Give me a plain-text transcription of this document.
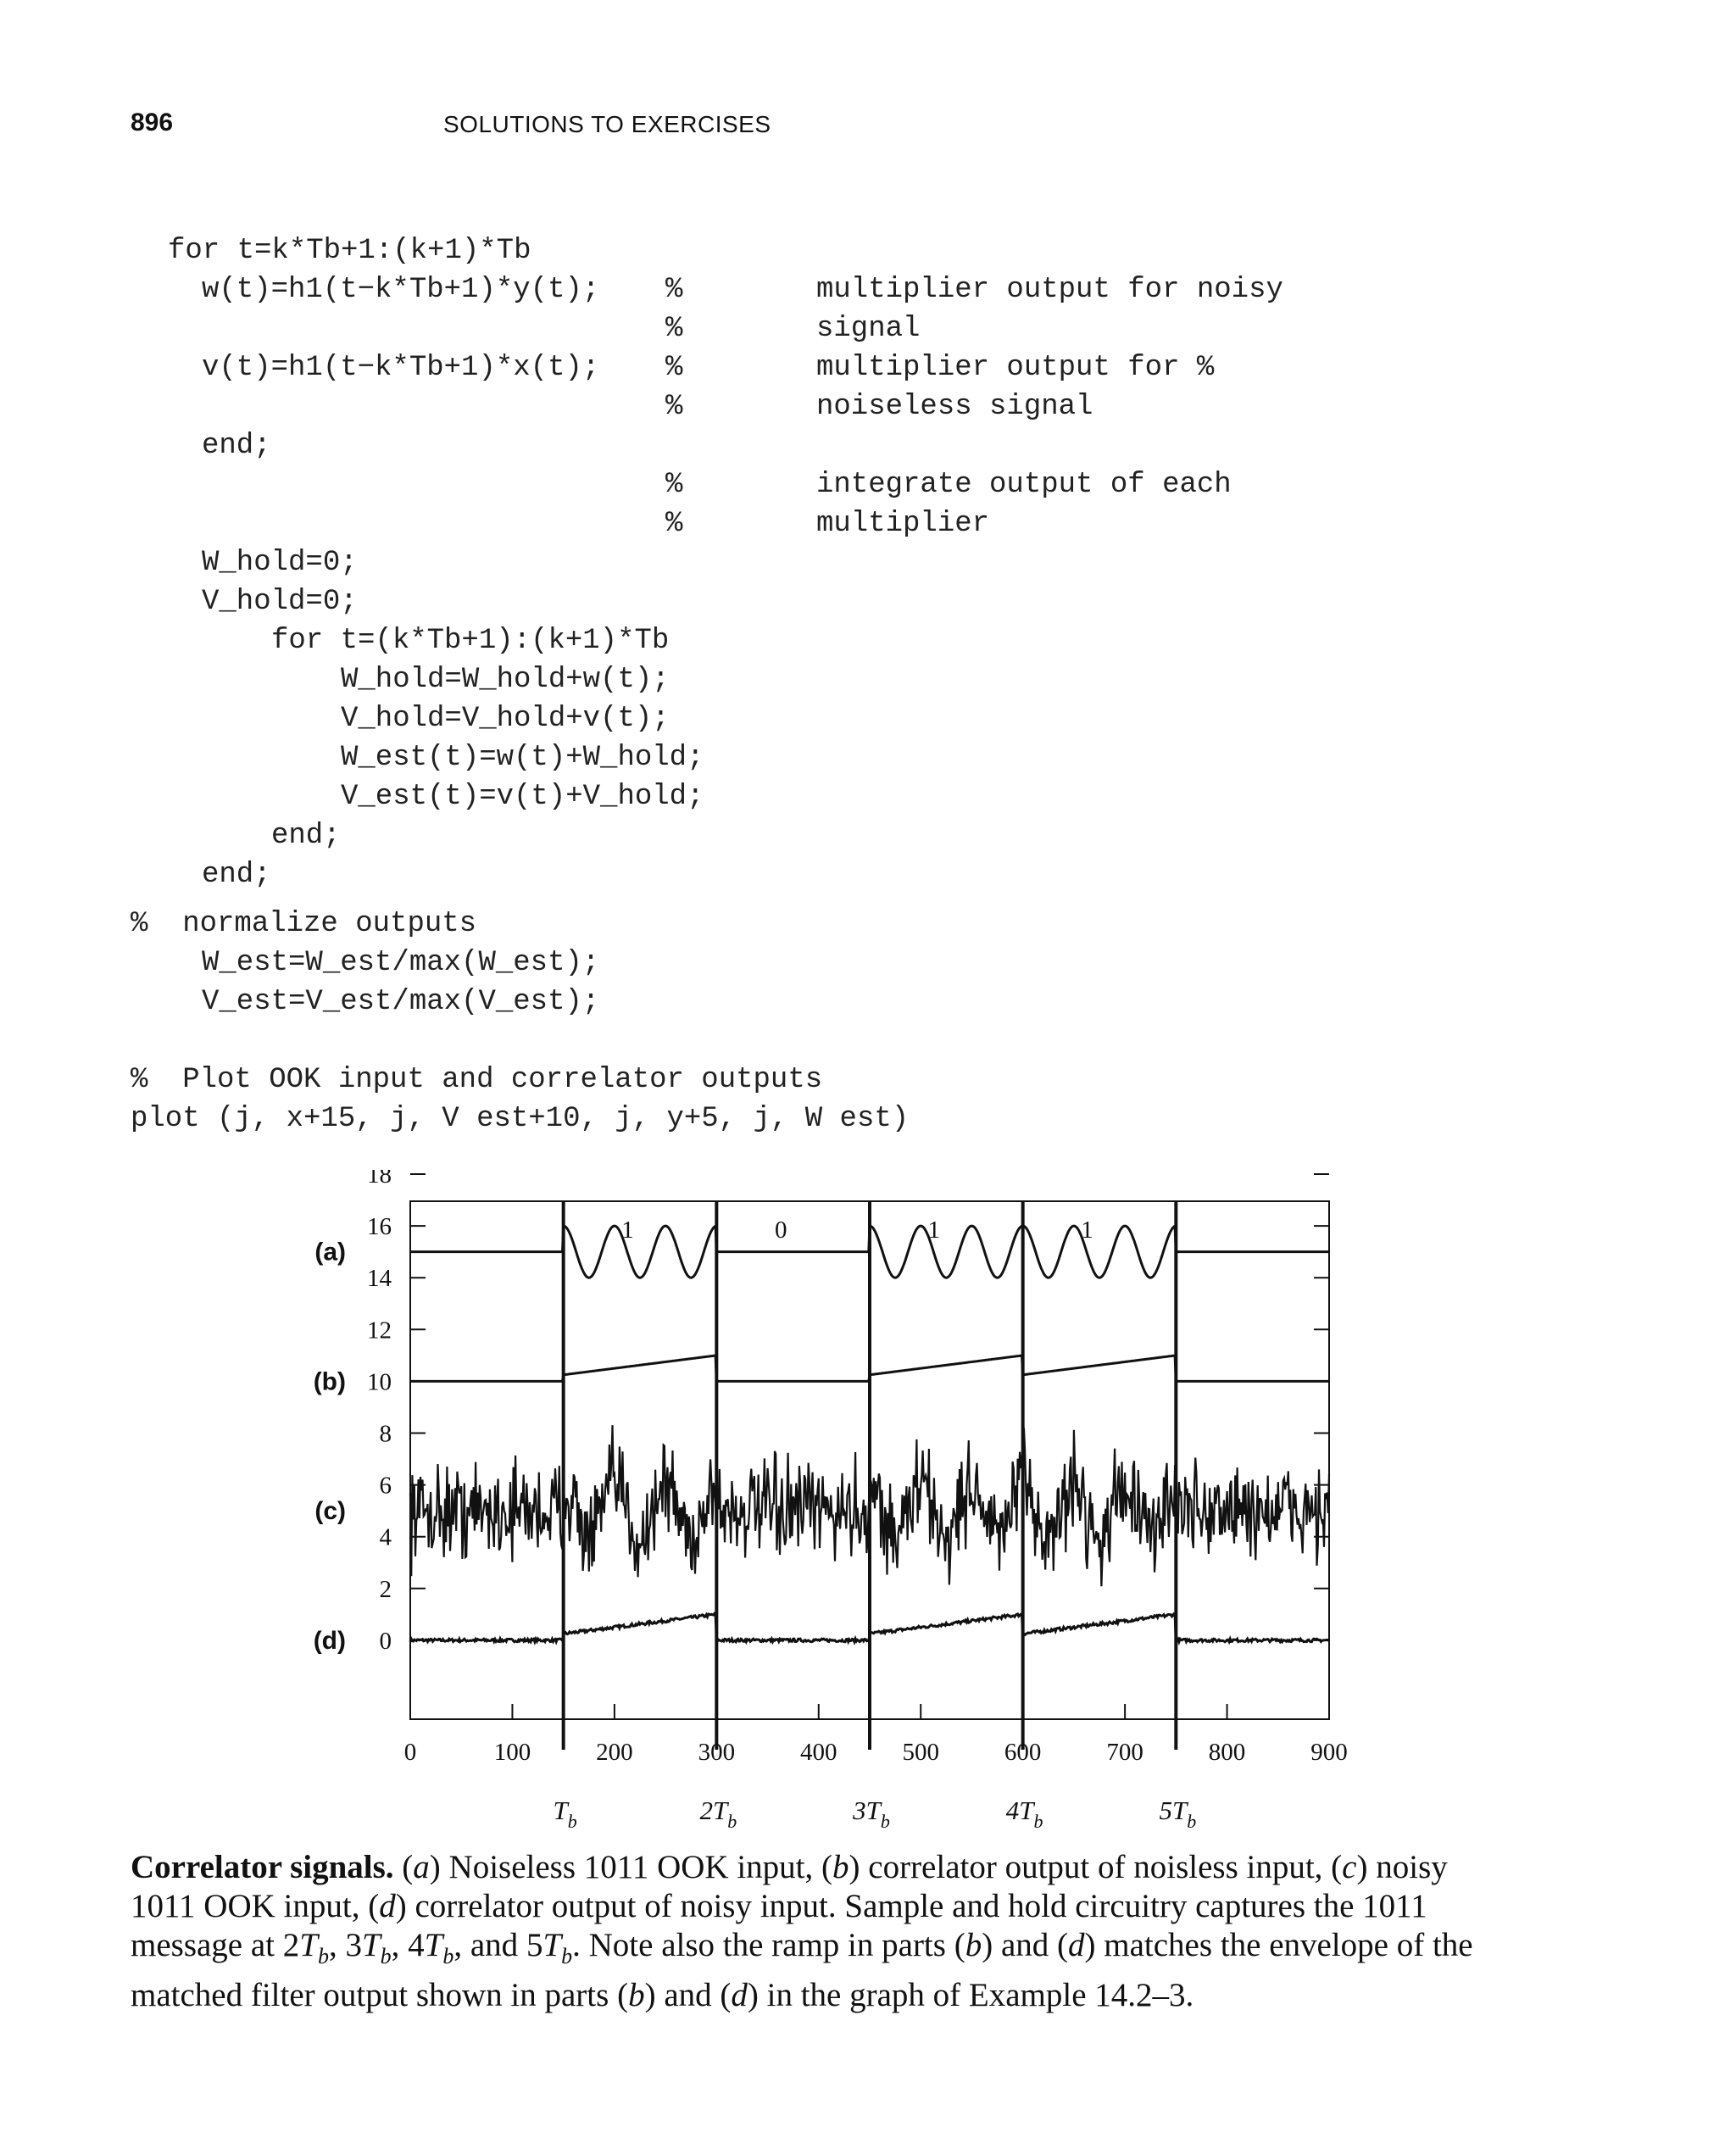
896	SOLUTIONS TO EXERCISES
for t=k*Tb+1:(k+1)*Tb
w(t)=h1(t−k*Tb+1)*y(t); %	multiplier output for noisy
%	signal
v(t)=h1(t−k*Tb+1)*x(t); %	multiplier output for %
%	noiseless signal
end;
%	integrate output of each
%	multiplier
W_hold=0;
V_hold=0;
for t=(k*Tb+1):(k+1)*Tb
W_hold=W_hold+w(t);
V_hold=V_hold+v(t);
W_est(t)=w(t)+W_hold;
V_est(t)=v(t)+V_hold;
end;
end;
%  normalize outputs
W_est=W_est/max(W_est);
V_est=V_est/max(V_est);
%  Plot OOK input and correlator outputs
plot (j, x+15, j, V est+10, j, y+5, j, W est)
0
2
4
6
8
10
12
14
16
18
0	100	200	300	400	500	600	700	800	900
$T_b$	$2T_b$	$3T_b$	$4T_b$	$5T_b$
1	0	1	1
(a)
(b)
(c)
(d)
Correlator signals. (a) Noiseless 1011 OOK input, (b) correlator output of noisless input, (c) noisy 1011 OOK input, (d) correlator output of noisy input. Sample and hold circuitry captures the 1011 message at $2T_b$, $3T_b$, $4T_b$, and $5T_b$. Note also the ramp in parts (b) and (d) matches the envelope of the matched filter output shown in parts (b) and (d) in the graph of Example 14.2–3.
